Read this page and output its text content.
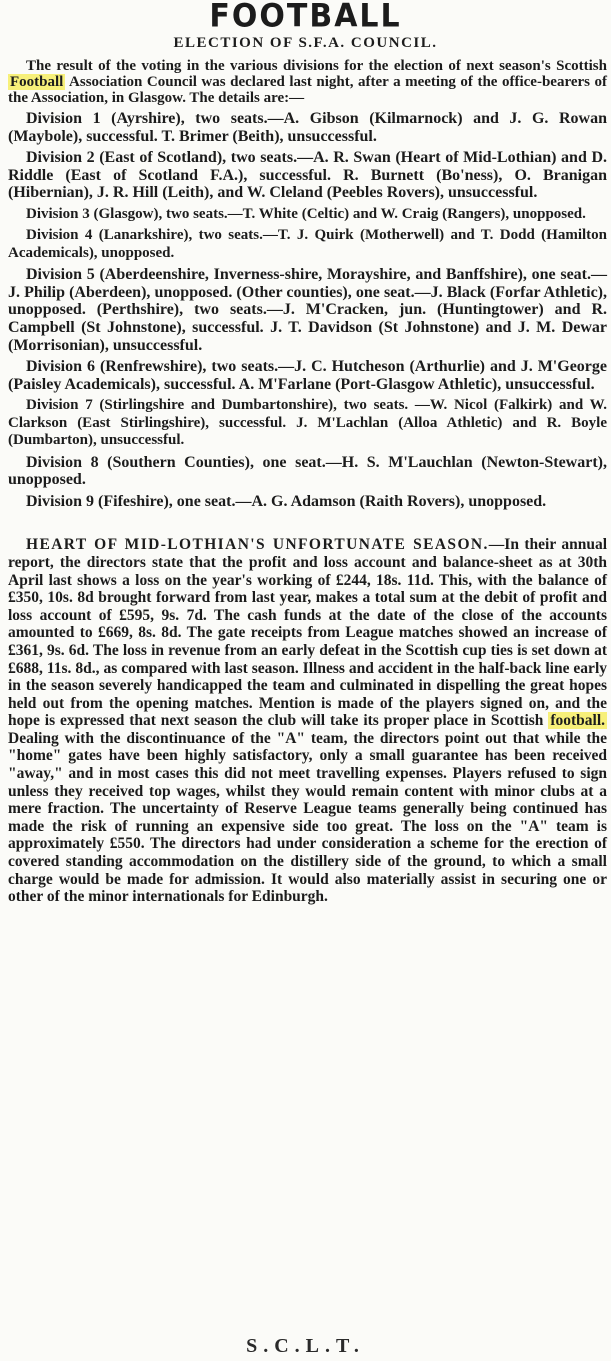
FOOTBALL
ELECTION OF S.F.A. COUNCIL.

The result of the voting in the various divisions for the election of next season's Scottish Football Association Council was declared last night, after a meeting of the office-bearers of the Association, in Glasgow. The details are:—

Division 1 (Ayrshire), two seats.—A. Gibson (Kilmarnock) and J. G. Rowan (Maybole), successful. T. Brimer (Beith), unsuccessful.

Division 2 (East of Scotland), two seats.—A. R. Swan (Heart of Mid-Lothian) and D. Riddle (East of Scotland F.A.), successful. R. Burnett (Bo'ness), O. Branigan (Hibernian), J. R. Hill (Leith), and W. Cleland (Peebles Rovers), unsuccessful.

Division 3 (Glasgow), two seats.—T. White (Celtic) and W. Craig (Rangers), unopposed.

Division 4 (Lanarkshire), two seats.—T. J. Quirk (Motherwell) and T. Dodd (Hamilton Academicals), unopposed.

Division 5 (Aberdeenshire, Inverness-shire, Morayshire, and Banffshire), one seat.—J. Philip (Aberdeen), unopposed. (Other counties), one seat.—J. Black (Forfar Athletic), unopposed. (Perthshire), two seats.—J. M'Cracken, jun. (Huntingtower) and R. Campbell (St Johnstone), successful. J. T. Davidson (St Johnstone) and J. M. Dewar (Morrisonian), unsuccessful.

Division 6 (Renfrewshire), two seats.—J. C. Hutcheson (Arthurlie) and J. M'George (Paisley Academicals), successful. A. M'Farlane (Port-Glasgow Athletic), unsuccessful.

Division 7 (Stirlingshire and Dumbartonshire), two seats. —W. Nicol (Falkirk) and W. Clarkson (East Stirlingshire), successful. J. M'Lachlan (Alloa Athletic) and R. Boyle (Dumbarton), unsuccessful.

Division 8 (Southern Counties), one seat.—H. S. M'Lauchlan (Newton-Stewart), unopposed.

Division 9 (Fifeshire), one seat.—A. G. Adamson (Raith Rovers), unopposed.

HEART OF MID-LOTHIAN'S UNFORTUNATE SEASON.—In their annual report, the directors state that the profit and loss account and balance-sheet as at 30th April last shows a loss on the year's working of £244, 18s. 11d. This, with the balance of £350, 10s. 8d brought forward from last year, makes a total sum at the debit of profit and loss account of £595, 9s. 7d. The cash funds at the date of the close of the accounts amounted to £669, 8s. 8d. The gate receipts from League matches showed an increase of £361, 9s. 6d. The loss in revenue from an early defeat in the Scottish cup ties is set down at £688, 11s. 8d., as compared with last season. Illness and accident in the half-back line early in the season severely handicapped the team and culminated in dispelling the great hopes held out from the opening matches. Mention is made of the players signed on, and the hope is expressed that next season the club will take its proper place in Scottish football. Dealing with the discontinuance of the "A" team, the directors point out that while the "home" gates have been highly satisfactory, only a small guarantee has been received "away," and in most cases this did not meet travelling expenses. Players refused to sign unless they received top wages, whilst they would remain content with minor clubs at a mere fraction. The uncertainty of Reserve League teams generally being continued has made the risk of running an expensive side too great. The loss on the "A" team is approximately £550. The directors had under consideration a scheme for the erection of covered standing accommodation on the distillery side of the ground, to which a small charge would be made for admission. It would also materially assist in securing one or other of the minor internationals for Edinburgh.

S.C.L.T.
